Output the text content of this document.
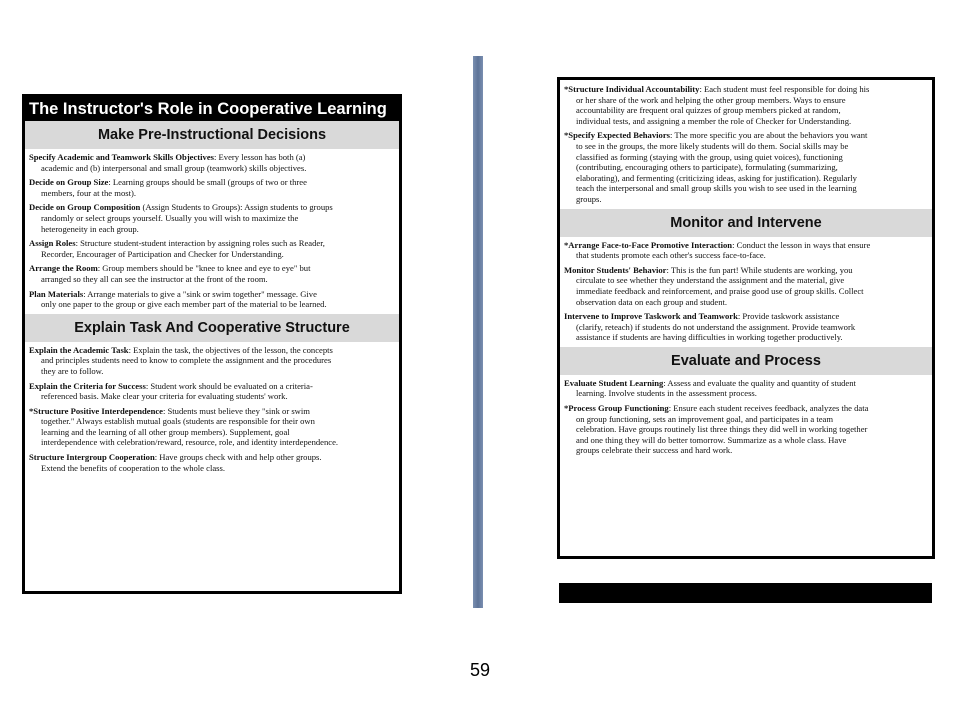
The Instructor's Role in Cooperative Learning
Make Pre-Instructional Decisions
Specify Academic and Teamwork Skills Objectives: Every lesson has both (a)
academic and (b) interpersonal and small group (teamwork) skills objectives.
Decide on Group Size: Learning groups should be small (groups of two or three
members, four at the most).
Decide on Group Composition (Assign Students to Groups): Assign students to groups
randomly or select groups yourself. Usually you will wish to maximize the
heterogeneity in each group.
Assign Roles: Structure student-student interaction by assigning roles such as Reader,
Recorder, Encourager of Participation and Checker for Understanding.
Arrange the Room: Group members should be "knee to knee and eye to eye" but
arranged so they all can see the instructor at the front of the room.
Plan Materials: Arrange materials to give a "sink or swim together" message. Give
only one paper to the group or give each member part of the material to be learned.
Explain Task And Cooperative Structure
Explain the Academic Task: Explain the task, the objectives of the lesson, the concepts
and principles students need to know to complete the assignment and the procedures
they are to follow.
Explain the Criteria for Success: Student work should be evaluated on a criteria-
referenced basis. Make clear your criteria for evaluating students' work.
*Structure Positive Interdependence: Students must believe they "sink or swim
together." Always establish mutual goals (students are responsible for their own
learning and the learning of all other group members). Supplement, goal
interdependence with celebration/reward, resource, role, and identity interdependence.
Structure Intergroup Cooperation: Have groups check with and help other groups.
Extend the benefits of cooperation to the whole class.
*Structure Individual Accountability: Each student must feel responsible for doing his
or her share of the work and helping the other group members. Ways to ensure
accountability are frequent oral quizzes of group members picked at random,
individual tests, and assigning a member the role of Checker for Understanding.
*Specify Expected Behaviors: The more specific you are about the behaviors you want
to see in the groups, the more likely students will do them. Social skills may be
classified as forming (staying with the group, using quiet voices), functioning
(contributing, encouraging others to participate), formulating (summarizing,
elaborating), and fermenting (criticizing ideas, asking for justification). Regularly
teach the interpersonal and small group skills you wish to see used in the learning
groups.
Monitor and Intervene
*Arrange Face-to-Face Promotive Interaction: Conduct the lesson in ways that ensure
that students promote each other's success face-to-face.
Monitor Students' Behavior: This is the fun part! While students are working, you
circulate to see whether they understand the assignment and the material, give
immediate feedback and reinforcement, and praise good use of group skills. Collect
observation data on each group and student.
Intervene to Improve Taskwork and Teamwork: Provide taskwork assistance
(clarify, reteach) if students do not understand the assignment. Provide teamwork
assistance if students are having difficulties in working together productively.
Evaluate and Process
Evaluate Student Learning: Assess and evaluate the quality and quantity of student
learning. Involve students in the assessment process.
*Process Group Functioning: Ensure each student receives feedback, analyzes the data
on group functioning, sets an improvement goal, and participates in a team
celebration. Have groups routinely list three things they did well in working together
and one thing they will do better tomorrow. Summarize as a whole class. Have
groups celebrate their success and hard work.
59
